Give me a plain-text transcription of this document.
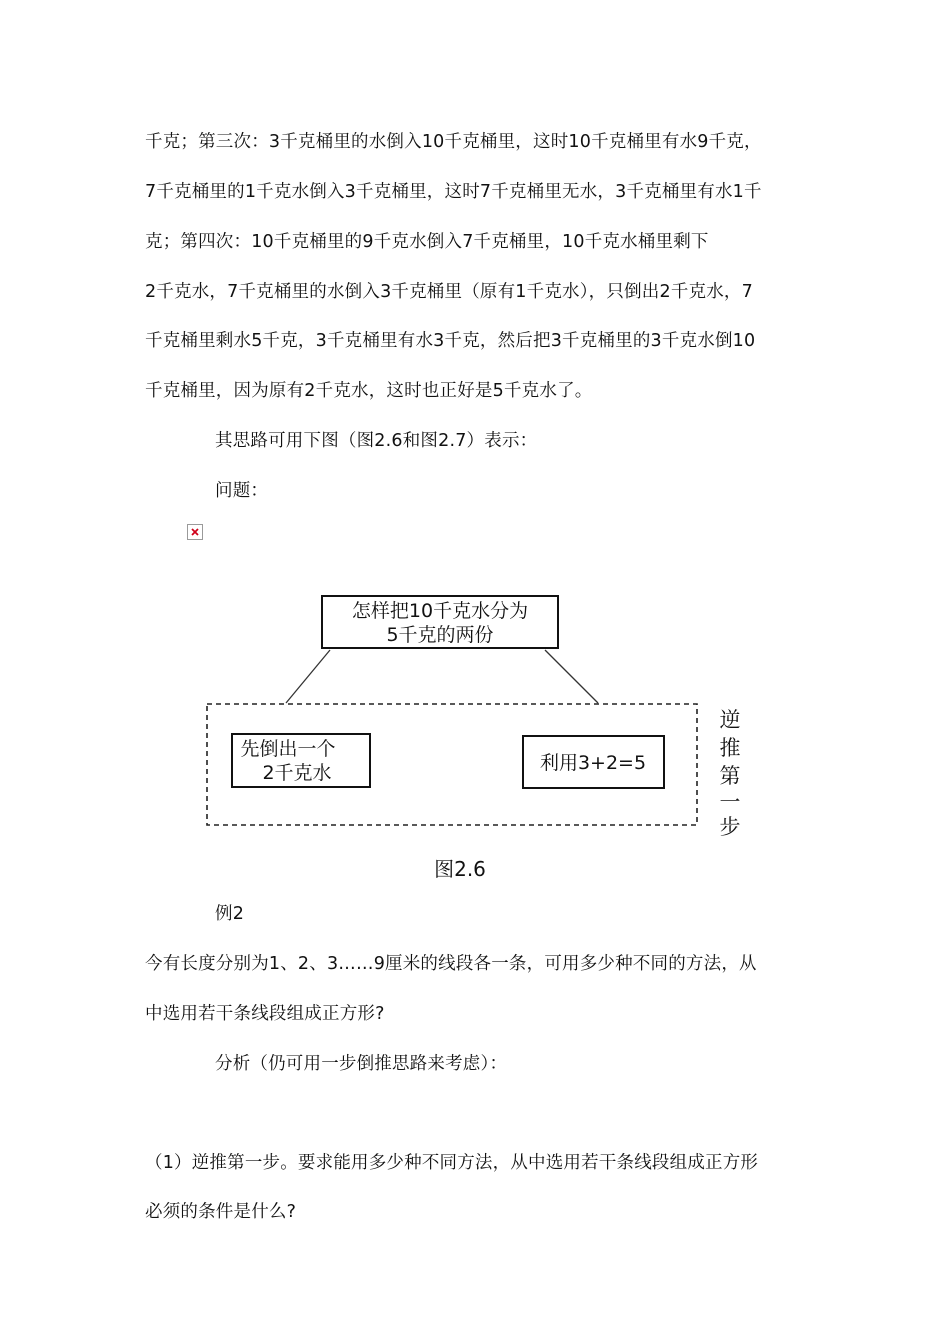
千克；第三次：3千克桶里的水倒入10千克桶里，这时10千克桶里有水9千克，
7千克桶里的1千克水倒入3千克桶里，这时7千克桶里无水，3千克桶里有水1千
克；第四次：10千克桶里的9千克水倒入7千克桶里，10千克水桶里剩下
2千克水，7千克桶里的水倒入3千克桶里（原有1千克水），只倒出2千克水，7
千克桶里剩水5千克，3千克桶里有水3千克，然后把3千克桶里的3千克水倒10
千克桶里，因为原有2千克水，这时也正好是5千克水了。
其思路可用下图（图2.6和图2.7）表示：
问题：
怎样把10千克水分为
5千克的两份
先倒出一个
2千克水	利用3+2=5
逆
推
第
一
步
图2.6
例2
今有长度分别为1、2、3……9厘米的线段各一条，可用多少种不同的方法，从
中选用若干条线段组成正方形?
分析（仍可用一步倒推思路来考虑）：
（1）逆推第一步。要求能用多少种不同方法，从中选用若干条线段组成正方形
必须的条件是什么?
